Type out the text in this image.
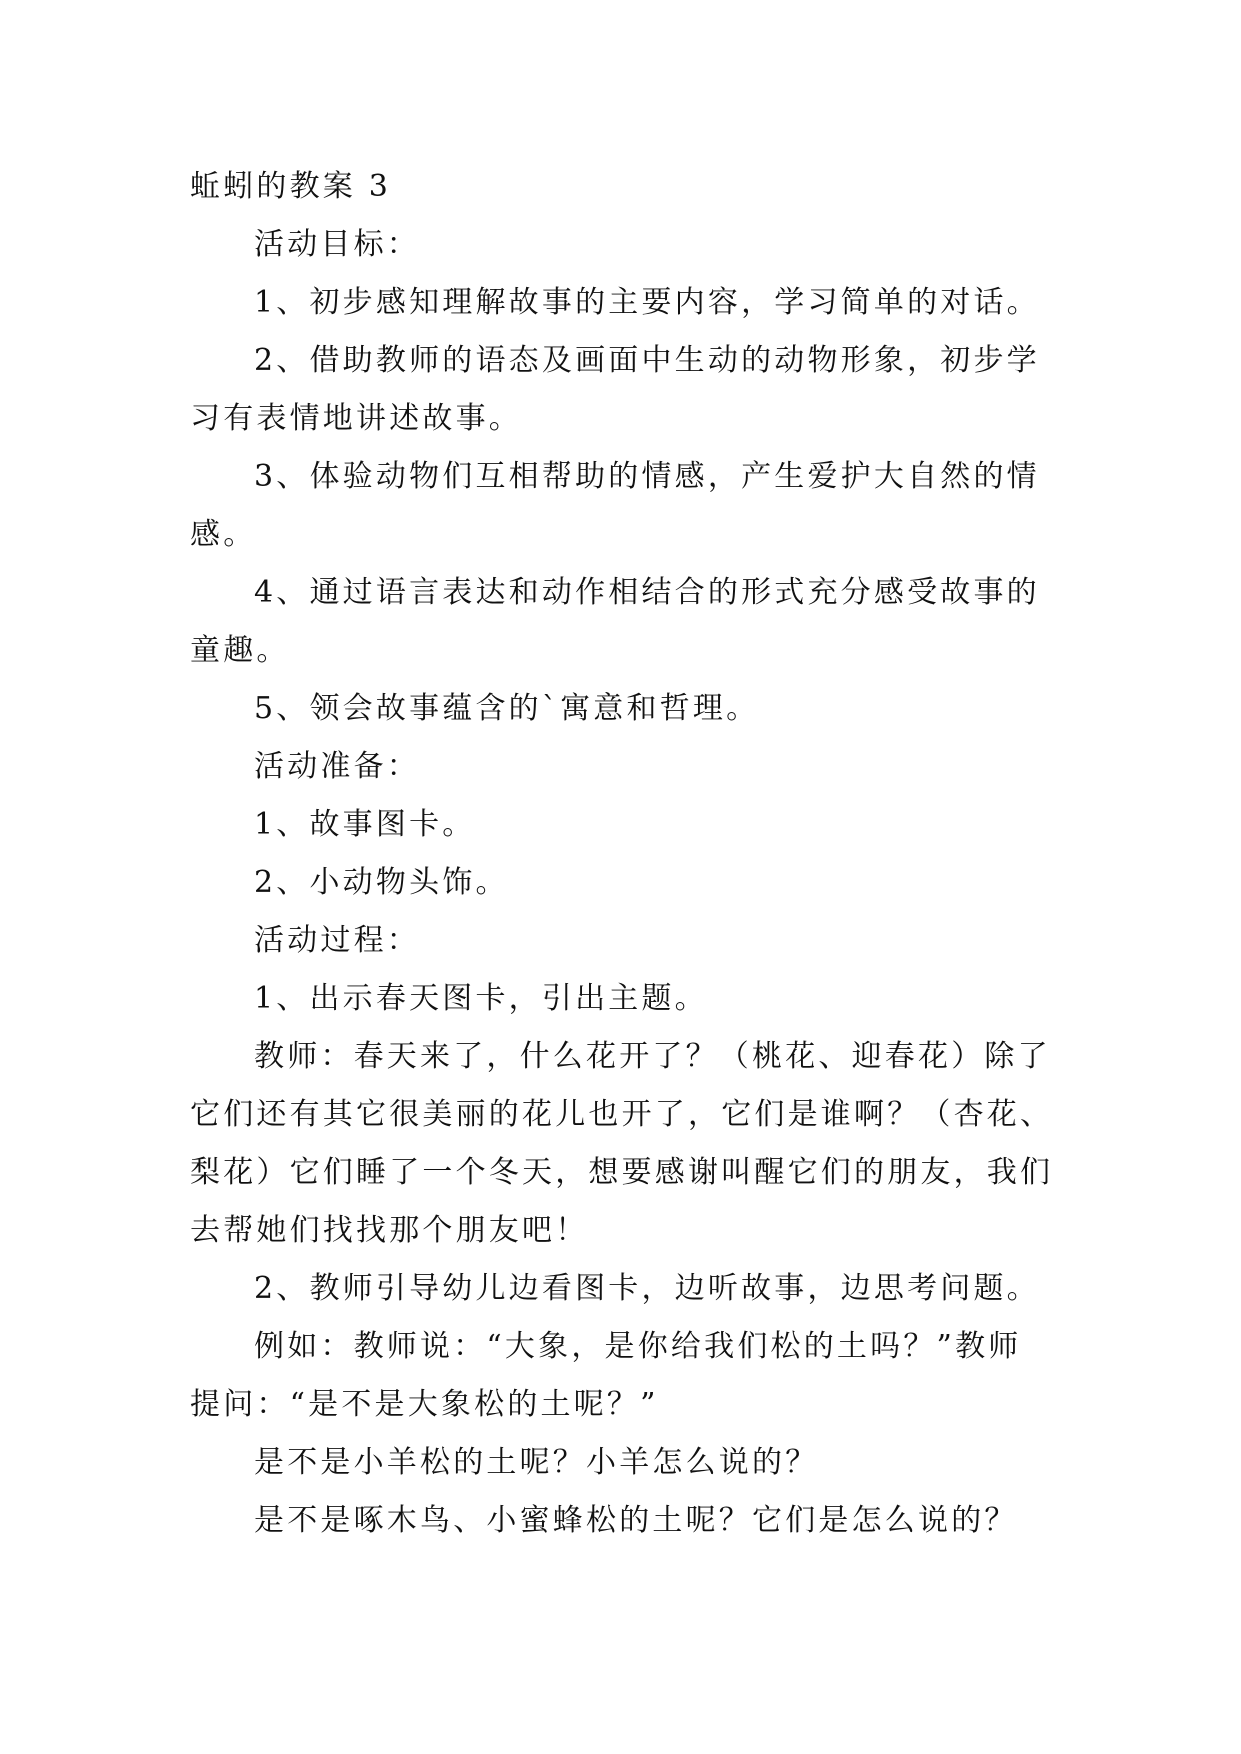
蚯蚓的教案 3
活动目标：
1、初步感知理解故事的主要内容，学习简单的对话。
2、借助教师的语态及画面中生动的动物形象，初步学
习有表情地讲述故事。
3、体验动物们互相帮助的情感，产生爱护大自然的情
感。
4、通过语言表达和动作相结合的形式充分感受故事的
童趣。
5、领会故事蕴含的`寓意和哲理。
活动准备：
1、故事图卡。
2、小动物头饰。
活动过程：
1、出示春天图卡，引出主题。
教师：春天来了，什么花开了？（桃花、迎春花）除了
它们还有其它很美丽的花儿也开了，它们是谁啊？（杏花、
梨花）它们睡了一个冬天，想要感谢叫醒它们的朋友，我们
去帮她们找找那个朋友吧！
2、教师引导幼儿边看图卡，边听故事，边思考问题。
例如：教师说：“大象，是你给我们松的土吗？”教师
提问：“是不是大象松的土呢？”
是不是小羊松的土呢？小羊怎么说的？
是不是啄木鸟、小蜜蜂松的土呢？它们是怎么说的？
